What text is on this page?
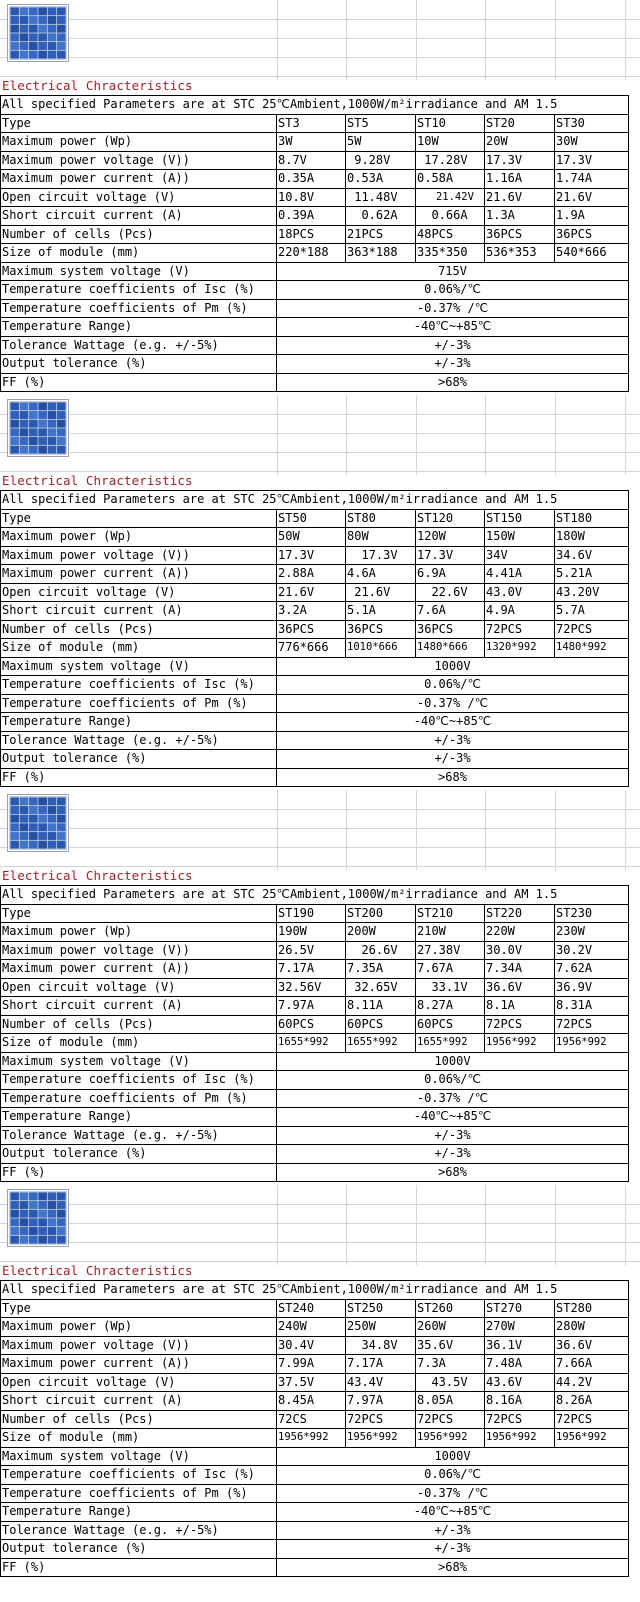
Electrical Chracteristics
All specified Parameters are at STC 25℃Ambient,1000W/m²irradiance and AM 1.5					
Type	ST3	ST5	ST10	ST20	ST30
Maximum power (Wp)	3W	5W	10W	20W	30W
Maximum power voltage (V))	8.7V	9.28V	17.28V	17.3V	17.3V
Maximum power current (A))	0.35A	0.53A	0.58A	1.16A	1.74A
Open circuit voltage (V)	10.8V	11.48V	21.42V	21.6V	21.6V
Short circuit current (A)	0.39A	0.62A	0.66A	1.3A	1.9A
Number of cells (Pcs)	18PCS	21PCS	48PCS	36PCS	36PCS
Size of module (mm)	220*188	363*188	335*350	536*353	540*666
Maximum system voltage (V)	715V				
Temperature coefficients of Isc (%)	0.06%/℃				
Temperature coefficients of Pm (%)	-0.37% /℃				
Temperature Range)	-40℃~+85℃				
Tolerance Wattage (e.g. +/-5%)	+/-3%				
Output tolerance (%)	+/-3%				
FF (%)	>68%				
Electrical Chracteristics
All specified Parameters are at STC 25℃Ambient,1000W/m²irradiance and AM 1.5					
Type	ST50	ST80	ST120	ST150	ST180
Maximum power (Wp)	50W	80W	120W	150W	180W
Maximum power voltage (V))	17.3V	17.3V	17.3V	34V	34.6V
Maximum power current (A))	2.88A	4.6A	6.9A	4.41A	5.21A
Open circuit voltage (V)	21.6V	21.6V	22.6V	43.0V	43.20V
Short circuit current (A)	3.2A	5.1A	7.6A	4.9A	5.7A
Number of cells (Pcs)	36PCS	36PCS	36PCS	72PCS	72PCS
Size of module (mm)	776*666	1010*666	1480*666	1320*992	1480*992
Maximum system voltage (V)	1000V				
Temperature coefficients of Isc (%)	0.06%/℃				
Temperature coefficients of Pm (%)	-0.37% /℃				
Temperature Range)	-40℃~+85℃				
Tolerance Wattage (e.g. +/-5%)	+/-3%				
Output tolerance (%)	+/-3%				
FF (%)	>68%				
Electrical Chracteristics
All specified Parameters are at STC 25℃Ambient,1000W/m²irradiance and AM 1.5					
Type	ST190	ST200	ST210	ST220	ST230
Maximum power (Wp)	190W	200W	210W	220W	230W
Maximum power voltage (V))	26.5V	26.6V	27.38V	30.0V	30.2V
Maximum power current (A))	7.17A	7.35A	7.67A	7.34A	7.62A
Open circuit voltage (V)	32.56V	32.65V	33.1V	36.6V	36.9V
Short circuit current (A)	7.97A	8.11A	8.27A	8.1A	8.31A
Number of cells (Pcs)	60PCS	60PCS	60PCS	72PCS	72PCS
Size of module (mm)	1655*992	1655*992	1655*992	1956*992	1956*992
Maximum system voltage (V)	1000V				
Temperature coefficients of Isc (%)	0.06%/℃				
Temperature coefficients of Pm (%)	-0.37% /℃				
Temperature Range)	-40℃~+85℃				
Tolerance Wattage (e.g. +/-5%)	+/-3%				
Output tolerance (%)	+/-3%				
FF (%)	>68%				
Electrical Chracteristics
All specified Parameters are at STC 25℃Ambient,1000W/m²irradiance and AM 1.5					
Type	ST240	ST250	ST260	ST270	ST280
Maximum power (Wp)	240W	250W	260W	270W	280W
Maximum power voltage (V))	30.4V	34.8V	35.6V	36.1V	36.6V
Maximum power current (A))	7.99A	7.17A	7.3A	7.48A	7.66A
Open circuit voltage (V)	37.5V	43.4V	43.5V	43.6V	44.2V
Short circuit current (A)	8.45A	7.97A	8.05A	8.16A	8.26A
Number of cells (Pcs)	72CS	72PCS	72PCS	72PCS	72PCS
Size of module (mm)	1956*992	1956*992	1956*992	1956*992	1956*992
Maximum system voltage (V)	1000V				
Temperature coefficients of Isc (%)	0.06%/℃				
Temperature coefficients of Pm (%)	-0.37% /℃				
Temperature Range)	-40℃~+85℃				
Tolerance Wattage (e.g. +/-5%)	+/-3%				
Output tolerance (%)	+/-3%				
FF (%)	>68%				
